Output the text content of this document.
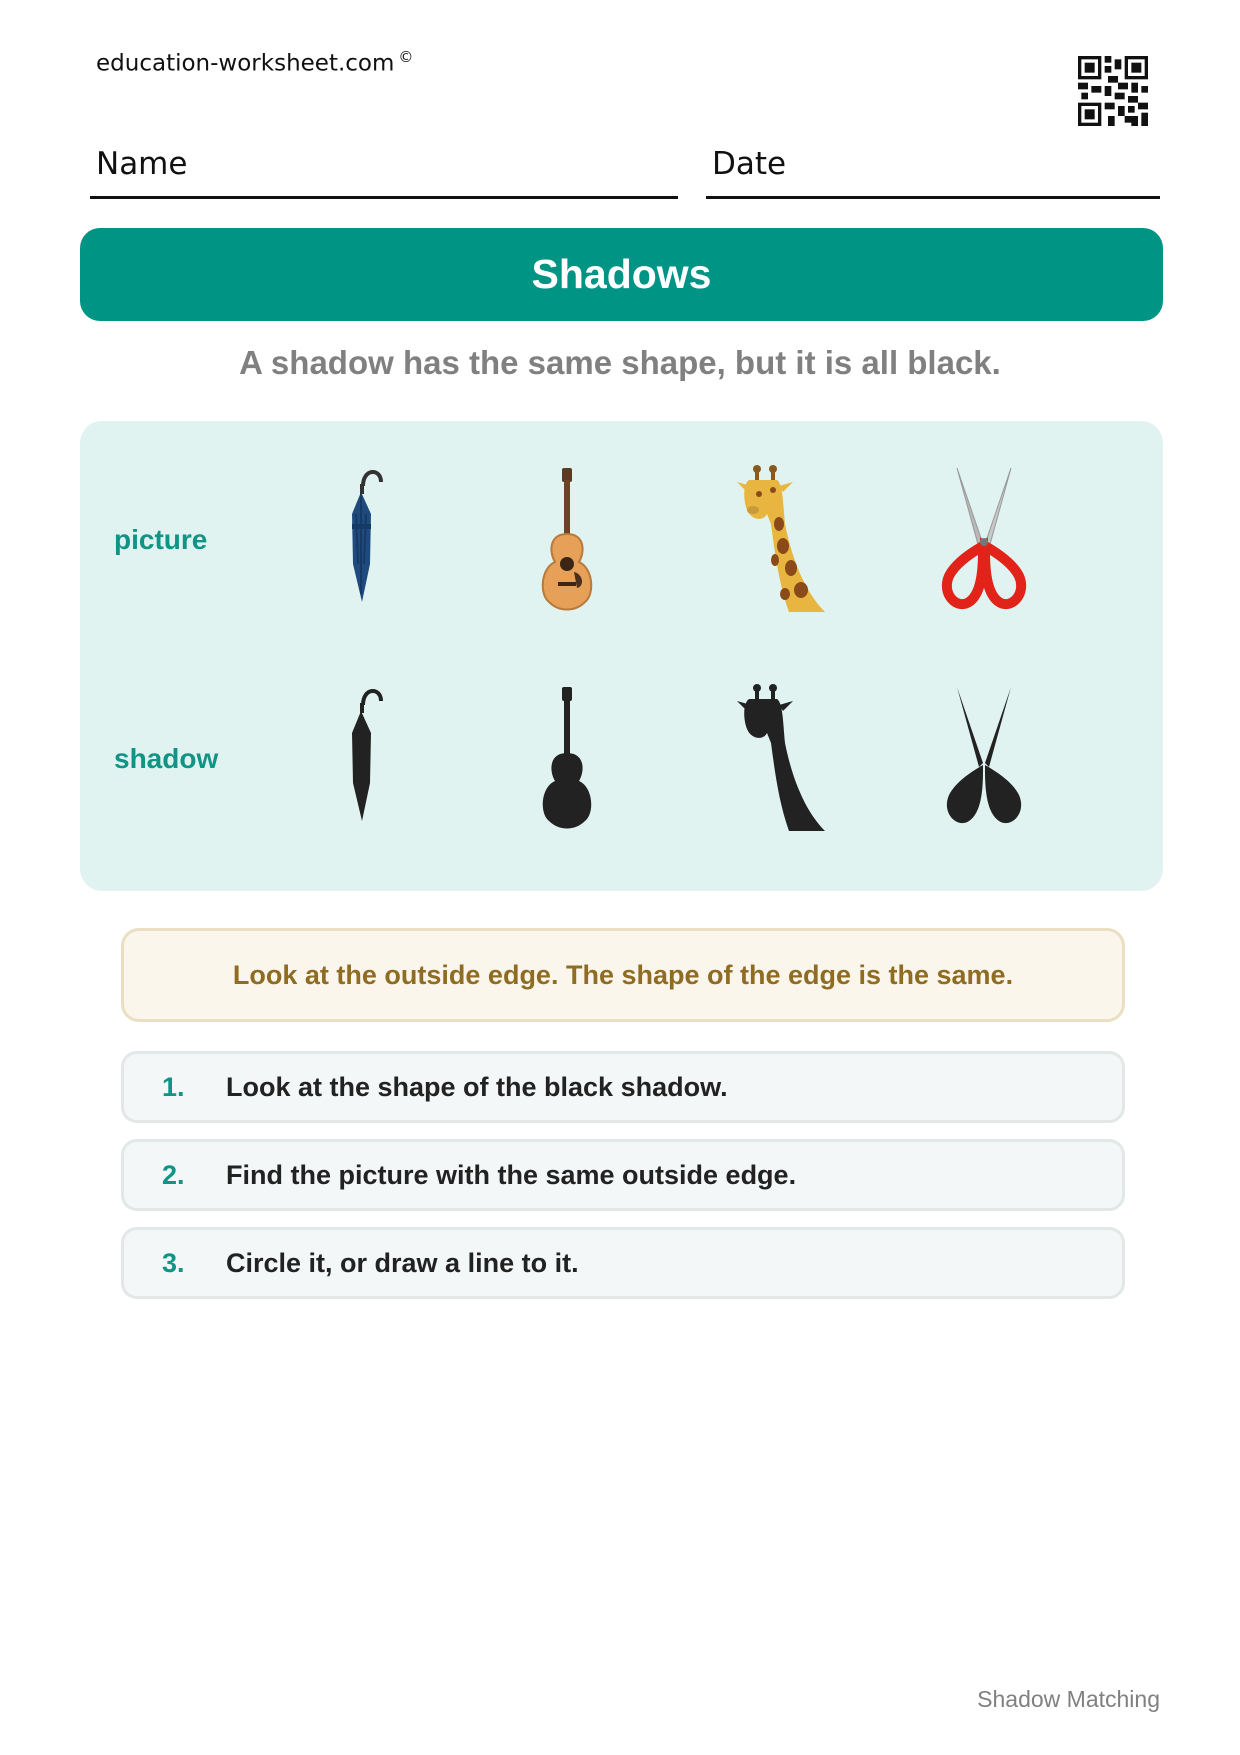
education-worksheet.com ©
Name	Date
Shadows
A shadow has the same shape, but it is all black.
picture
shadow
Look at the outside edge. The shape of the edge is the same.
1.	Look at the shape of the black shadow.
2.	Find the picture with the same outside edge.
3.	Circle it, or draw a line to it.
Shadow Matching
